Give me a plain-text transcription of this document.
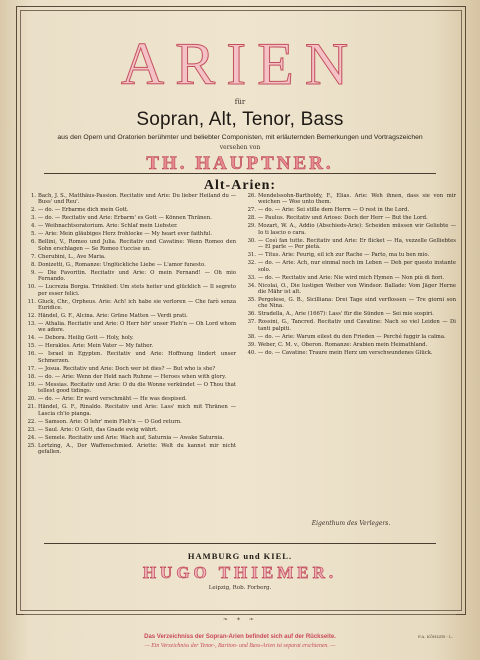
ARIEN
für
Sopran, Alt, Tenor, Bass
aus den Opern und Oratorien berühmter und beliebter Componisten, mit erläuternden Bemerkungen und Vortragszeichen
versehen von
TH. HAUPTNER.
Alt-Arien:
1. Bach, J. S., Matthäus-Passion. Recitativ und Arie: Du lieber Heiland du — Buss' und Reu'.
2. — do. — Erbarme dich mein Gott.
3. — do. — Recitativ und Arie: Erbarm' es Gott — Können Thränen.
4. — Weihnachtsoratorium. Arie: Schlaf mein Liebster.
5. — Arie: Mein gläubiges Herz frohlocke — My heart ever faithful.
6. Bellini, V., Romeo und Julia. Recitativ und Cavatine: Wenn Romeo den Sohn erschlagen — Se Romeo t'uccise un.
7. Cherubini, L., Ave Maria.
8. Donizetti, G., Romanze: Unglückliche Liebe — L'amor funesto.
9. — Die Favoritin. Recitativ und Arie: O mein Fernand! — Oh mio Fernando.
10. — Lucrezia Borgia. Trinklied: Um stets heiter und glücklich — Il segreto per esser felici.
11. Gluck, Chr., Orpheus. Arie: Ach! ich habe sie verloren — Che farò senza Euridice.
12. Händel, G. F., Alcina. Arie: Grüne Matten — Verdi prati.
13. — Athalia. Recitativ und Arie: O Herr hör' unser Fleh'n — Oh Lord whom we adore.
14. — Debora. Heilig Gott — Holy, holy.
15. — Herakles. Arie: Mein Vater — My father.
16. — Israel in Egypten. Recitativ und Arie: Hoffnung lindert unser Schmerzen.
17. — Josua. Recitativ und Arie: Doch wer ist dies? — But who is she?
18. — do. — Arie: Wenn der Held nach Ruhme — Heroes when with glory.
19. — Messias. Recitativ und Arie: O du die Wonne verkündet — O Thou that tellest good tidings.
20. — do. — Arie: Er ward verschmäht — He was despised.
21. Händel, G. F., Rinaldo. Recitativ und Arie: Lass' mich mit Thränen — Lascia ch'io pianga.
22. — Samson. Arie: O lehr' mein Fleh'n — O God return.
23. — Saul. Arie: O Gott, das Gnade ewig währt.
24. — Semele. Recitativ und Arie: Wach auf, Saturnia — Awake Saturnia.
25. Lortzing, A., Der Waffenschmied. Ariette: Welt du kannst mir nicht gefallen.
26. Mendelssohn-Bartholdy, F., Elias. Arie: Weh ihnen, dass sie von mir weichen — Woe unto them.
27. — do. — Arie: Sei stille dem Herrn — O rest in the Lord.
28. — Paulus. Recitativ und Arioso: Doch der Herr — But the Lord.
29. Mozart, W. A., Addio (Abschieds-Arie): Scheiden müssen wir Geliebte — Io ti lascio o cara.
30. — Così fan tutte. Recitativ und Arie: Er flicket — Ha, vezzelle Gelliebtes — El parle — Per pietà.
31. — Titus. Arie: Feurig, eil ich zur Rache — Parto, ma tu ben mio.
32. — do. — Arie: Ach, nur einmal noch im Leben — Deh per questo instante solo.
33. — do. — Recitativ und Arie: Nie wird mich Hymen — Non più di fiori.
34. Nicolai, O., Die lustigen Weiber von Windsor. Ballade: Vom Jäger Herne die Mähr ist alt.
35. Pergolese, G. B., Sicilliana: Drei Tage sind verflossen — Tre giorni son che Nina.
36. Stradella, A., Arie (1667): Lass' für die Sünden — Sei mie sospiri.
37. Rossini, G., Tancred. Recitativ und Cavatine: Nach so viel Leiden — Di tanti palpiti.
38. — do. — Arie: Warum eilest du den Frieden — Perché fuggir la calma.
39. Weber, C. M. v., Oberon. Romanze: Arabien mein Heimathland.
40. — do. — Cavatine: Traure mein Herz um verschwundenes Glück.
Eigenthum des Verlegers.
HAMBURG und KIEL.
HUGO THIEMER.
Leipzig, Rob. Forberg.
❧ ✦ ❧
Das Verzeichniss der Sopran-Arien befindet sich auf der Rückseite.
— Ein Verzeichniss der Tenor-, Bariton- und Bass-Arien ist separat erschienen. —
F.A. KÖHLER - L.
